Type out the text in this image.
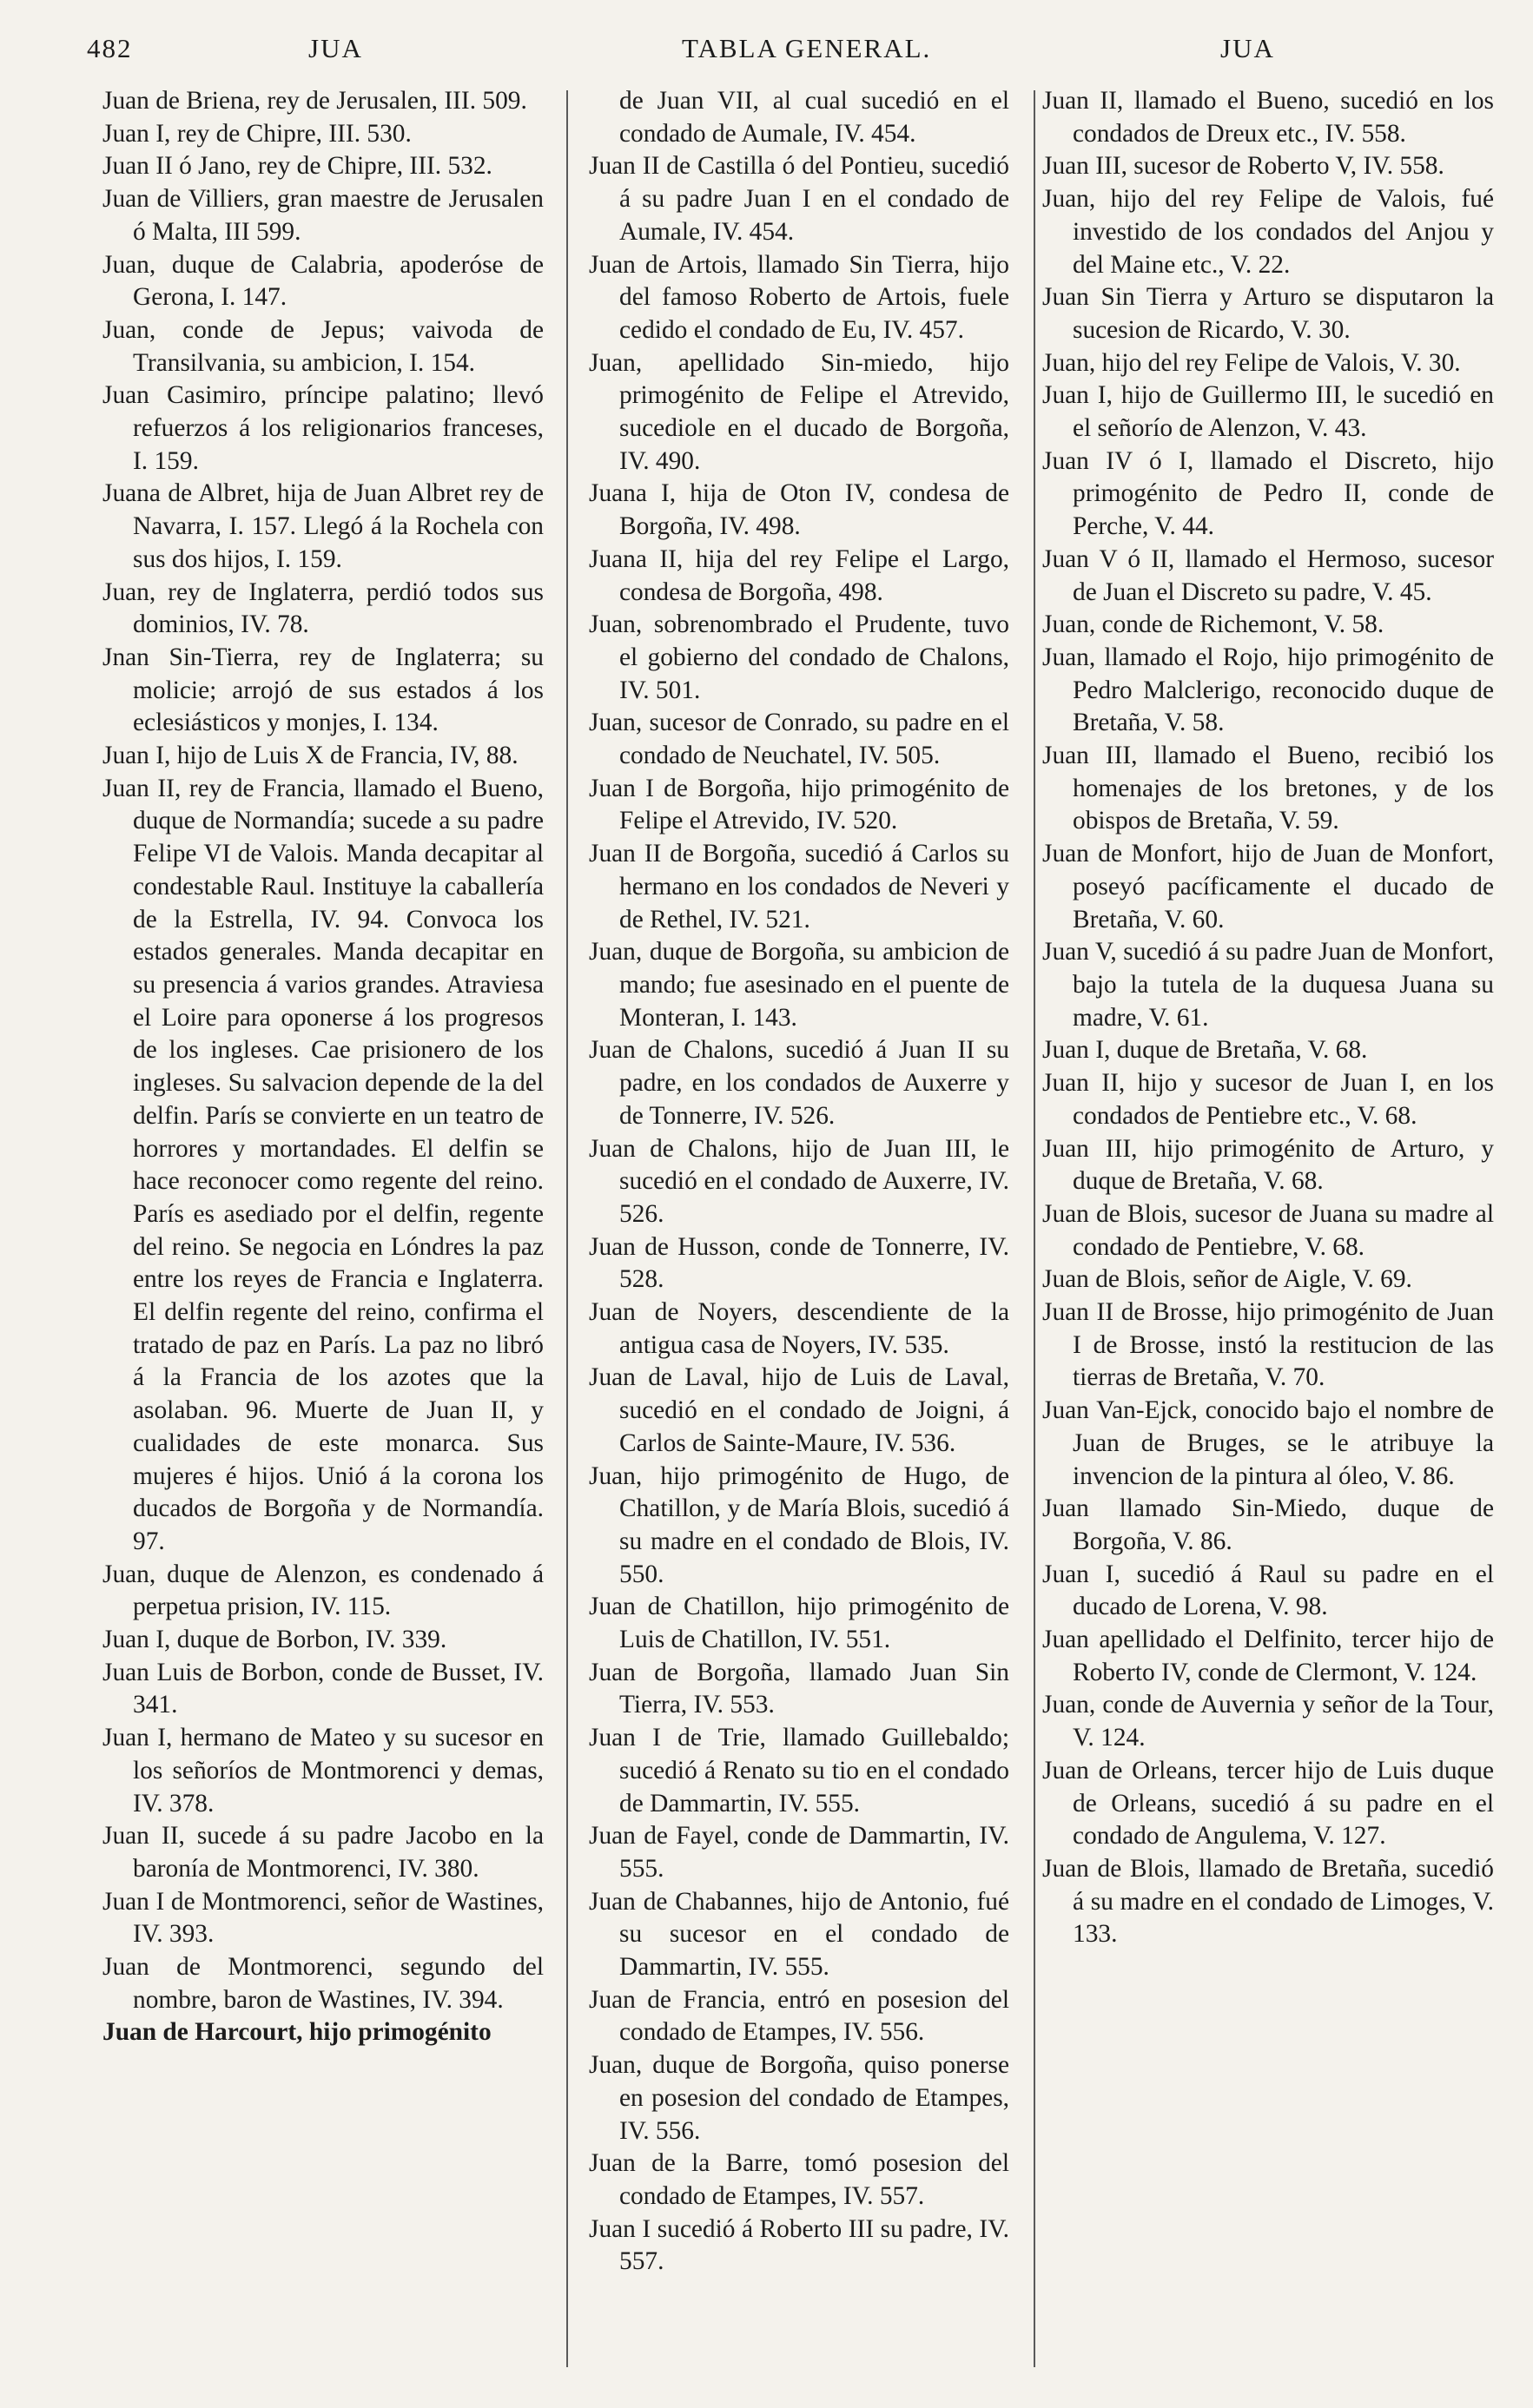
482	JUA	TABLA GENERAL.	JUA

Juan de Brienа, rey de Jerusalen, III. 509.

Juan I, rey de Chipre, III. 530.

Juan II ó Jano, rey de Chipre, III. 532.

Juan de Villiers, gran maestre de Jerusalen ó Malta, III 599.

Juan, duque de Calabria, apoderóse de Gerona, I. 147.

Juan, conde de Jepus; vaivoda de Transilvania, su ambicion, I. 154.

Juan Casimiro, príncipe palatino; llevó refuerzos á los religionarios franceses, I. 159.

Juana de Albret, hija de Juan Albret rey de Navarra, I. 157. Llegó á la Rochela con sus dos hijos, I. 159.

Juan, rey de Inglaterra, perdió todos sus dominios, IV. 78.

Jnan Sin-Tierra, rey de Inglaterra; su molicie; arrojó de sus estados á los eclesiásticos y monjes, I. 134.

Juan I, hijo de Luis X de Francia, IV, 88.

Juan II, rey de Francia, llamado el Bueno, duque de Normandía; sucede a su padre Felipe VI de Valois. Manda decapitar al condestable Raul. Instituye la caballería de la Estrella, IV. 94. Convoca los estados generales. Manda decapitar en su presencia á varios grandes. Atraviesa el Loire para oponerse á los progresos de los ingleses. Cae prisionero de los ingleses. Su salvacion depende de la del delfin. París se convierte en un teatro de horrores y mortandades. El delfin se hace reconocer como regente del reino. París es asediado por el delfin, regente del reino. Se negocia en Lóndres la paz entre los reyes de Francia e Inglaterra. El delfin regente del reino, confirma el tratado de paz en París. La paz no libró á la Francia de los azotes que la asolaban. 96. Muerte de Juan II, y cualidades de este monarca. Sus mujeres é hijos. Unió á la corona los ducados de Borgoña y de Normandía. 97.

Juan, duque de Alenzon, es condenado á perpetua prision, IV. 115.

Juan I, duque de Borbon, IV. 339.

Juan Luis de Borbon, conde de Busset, IV. 341.

Juan I, hermano de Mateo y su sucesor en los señoríos de Montmorenci y demas, IV. 378.

Juan II, sucede á su padre Jacobo en la baronía de Montmorenci, IV. 380.

Juan I de Montmorenci, señor de Wastines, IV. 393.

Juan de Montmorenci, segundo del nombre, baron de Wastines, IV. 394.

Juan de Harcourt, hijo primogénito

de Juan VII, al cual sucedió en el condado de Aumale, IV. 454.

Juan II de Castilla ó del Pontieu, sucedió á su padre Juan I en el condado de Aumale, IV. 454.

Juan de Artois, llamado Sin Tierra, hijo del famoso Roberto de Artois, fuele cedido el condado de Eu, IV. 457.

Juan, apellidado Sin-miedo, hijo primogénito de Felipe el Atrevido, sucediole en el ducado de Borgoña, IV. 490.

Juana I, hija de Oton IV, condesa de Borgoña, IV. 498.

Juana II, hija del rey Felipe el Largo, condesa de Borgoña, 498.

Juan, sobrenombrado el Prudente, tuvo el gobierno del condado de Chalons, IV. 501.

Juan, sucesor de Conrado, su padre en el condado de Neuchatel, IV. 505.

Juan I de Borgoña, hijo primogénito de Felipe el Atrevido, IV. 520.

Juan II de Borgoña, sucedió á Carlos su hermano en los condados de Neveri y de Rethel, IV. 521.

Juan, duque de Borgoña, su ambicion de mando; fue asesinado en el puente de Monteran, I. 143.

Juan de Chalons, sucedió á Juan II su padre, en los condados de Auxerre y de Tonnerre, IV. 526.

Juan de Chalons, hijo de Juan III, le sucedió en el condado de Auxerre, IV. 526.

Juan de Husson, conde de Tonnerre, IV. 528.

Juan de Noyers, descendiente de la antigua casa de Noyers, IV. 535.

Juan de Laval, hijo de Luis de Laval, sucedió en el condado de Joigni, á Carlos de Sainte-Maure, IV. 536.

Juan, hijo primogénito de Hugo, de Chatillon, y de María Blois, sucedió á su madre en el condado de Blois, IV. 550.

Juan de Chatillon, hijo primogénito de Luis de Chatillon, IV. 551.

Juan de Borgoña, llamado Juan Sin Tierra, IV. 553.

Juan I de Trie, llamado Guillebaldo; sucedió á Renato su tio en el condado de Dammartin, IV. 555.

Juan de Fayel, conde de Dammartin, IV. 555.

Juan de Chabannes, hijo de Antonio, fué su sucesor en el condado de Dammartin, IV. 555.

Juan de Francia, entró en posesion del condado de Etampes, IV. 556.

Juan, duque de Borgoña, quiso ponerse en posesion del condado de Etampes, IV. 556.

Juan de la Barre, tomó posesion del condado de Etampes, IV. 557.

Juan I sucedió á Roberto III su padre, IV. 557.

Juan II, llamado el Bueno, sucedió en los condados de Dreux etc., IV. 558.

Juan III, sucesor de Roberto V, IV. 558.

Juan, hijo del rey Felipe de Valois, fué investido de los condados del Anjou y del Maine etc., V. 22.

Juan Sin Tierra y Arturo se disputaron la sucesion de Ricardo, V. 30.

Juan, hijo del rey Felipe de Valois, V. 30.

Juan I, hijo de Guillermo III, le sucedió en el señorío de Alenzon, V. 43.

Juan IV ó I, llamado el Discreto, hijo primogénito de Pedro II, conde de Perche, V. 44.

Juan V ó II, llamado el Hermoso, sucesor de Juan el Discreto su padre, V. 45.

Juan, conde de Richemont, V. 58.

Juan, llamado el Rojo, hijo primogénito de Pedro Malclerigo, reconocido duque de Bretaña, V. 58.

Juan III, llamado el Bueno, recibió los homenajes de los bretones, y de los obispos de Bretaña, V. 59.

Juan de Monfort, hijo de Juan de Monfort, poseyó pacíficamente el ducado de Bretaña, V. 60.

Juan V, sucedió á su padre Juan de Monfort, bajo la tutela de la duquesa Juana su madre, V. 61.

Juan I, duque de Bretaña, V. 68.

Juan II, hijo y sucesor de Juan I, en los condados de Pentiebre etc., V. 68.

Juan III, hijo primogénito de Arturo, y duque de Bretaña, V. 68.

Juan de Blois, sucesor de Juana su madre al condado de Pentiebre, V. 68.

Juan de Blois, señor de Aigle, V. 69.

Juan II de Brosse, hijo primogénito de Juan I de Brosse, instó la restitucion de las tierras de Bretaña, V. 70.

Juan Van-Ejck, conocido bajo el nombre de Juan de Bruges, se le atribuye la invencion de la pintura al óleo, V. 86.

Juan llamado Sin-Miedo, duque de Borgoña, V. 86.

Juan I, sucedió á Raul su padre en el ducado de Lorena, V. 98.

Juan apellidado el Delfinito, tercer hijo de Roberto IV, conde de Clermont, V. 124.

Juan, conde de Auvernia y señor de la Tour, V. 124.

Juan de Orleans, tercer hijo de Luis duque de Orleans, sucedió á su padre en el condado de Angulema, V. 127.

Juan de Blois, llamado de Bretaña, sucedió á su madre en el condado de Limoges, V. 133.
